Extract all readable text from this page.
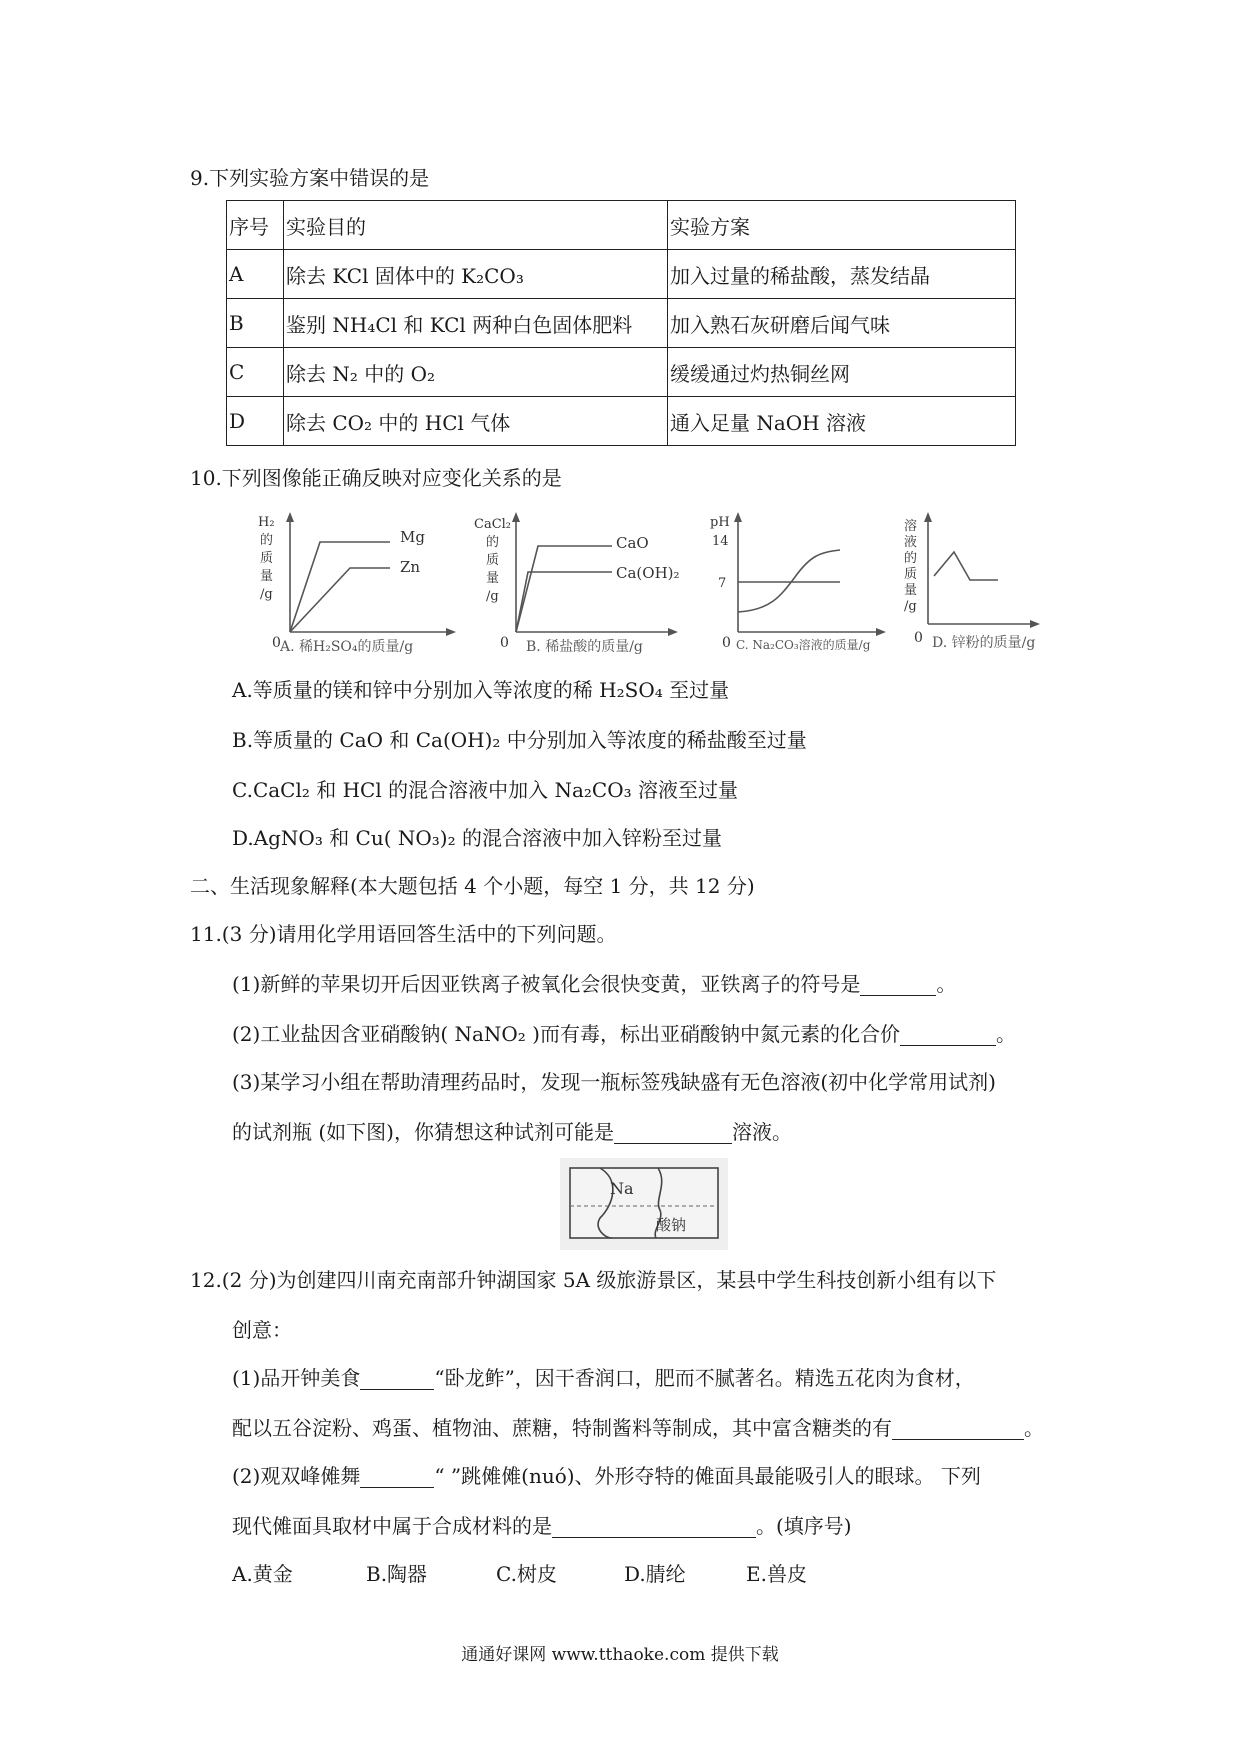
9.下列实验方案中错误的是
序号	实验目的	实验方案
A	除去 KCl 固体中的 K₂CO₃	加入过量的稀盐酸，蒸发结晶
B	鉴别 NH₄Cl 和 KCl 两种白色固体肥料	加入熟石灰研磨后闻气味
C	除去 N₂ 中的 O₂	缓缓通过灼热铜丝网
D	除去 CO₂ 中的 HCl 气体	通入足量 NaOH 溶液
10.下列图像能正确反映对应变化关系的是
Mg
Zn
0
H₂
的
质
量
/g
A. 稀H₂SO₄的质量/g
CaO
Ca(OH)₂
0
CaCl₂
的
质
量
/g
B. 稀盐酸的质量/g
pH
14
7
0 C. Na₂CO₃溶液的质量/g
溶
液
的
质
量
/g
0 D. 锌粉的质量/g
A.等质量的镁和锌中分别加入等浓度的稀 H₂SO₄ 至过量
B.等质量的 CaO 和 Ca(OH)₂ 中分别加入等浓度的稀盐酸至过量
C.CaCl₂ 和 HCl 的混合溶液中加入 Na₂CO₃ 溶液至过量
D.AgNO₃ 和 Cu( NO₃)₂ 的混合溶液中加入锌粉至过量
二、生活现象解释(本大题包括 4 个小题，每空 1 分，共 12 分)
11.(3 分)请用化学用语回答生活中的下列问题。
(1)新鲜的苹果切开后因亚铁离子被氧化会很快变黄，亚铁离子的符号是	。
(2)工业盐因含亚硝酸钠( NaNO₂ )而有毒，标出亚硝酸钠中氮元素的化合价	。
(3)某学习小组在帮助清理药品时，发现一瓶标签残缺盛有无色溶液(初中化学常用试剂)
的试剂瓶 (如下图)，你猜想这种试剂可能是	溶液。
Na
酸钠
12.(2 分)为创建四川南充南部升钟湖国家 5A 级旅游景区，某县中学生科技创新小组有以下
创意：
(1)品开钟美食	“卧龙鲊”，因干香润口，肥而不腻著名。精选五花肉为食材，
配以五谷淀粉、鸡蛋、植物油、蔗糖，特制酱料等制成，其中富含糖类的有	。
(2)观双峰傩舞	“ ”跳傩傩(nuó)、外形夺特的傩面具最能吸引人的眼球。 下列
现代傩面具取材中属于合成材料的是	。(填序号)
A.黄金	B.陶器	C.树皮	D.腈纶	E.兽皮
通通好课网 www.tthaoke.com 提供下载
